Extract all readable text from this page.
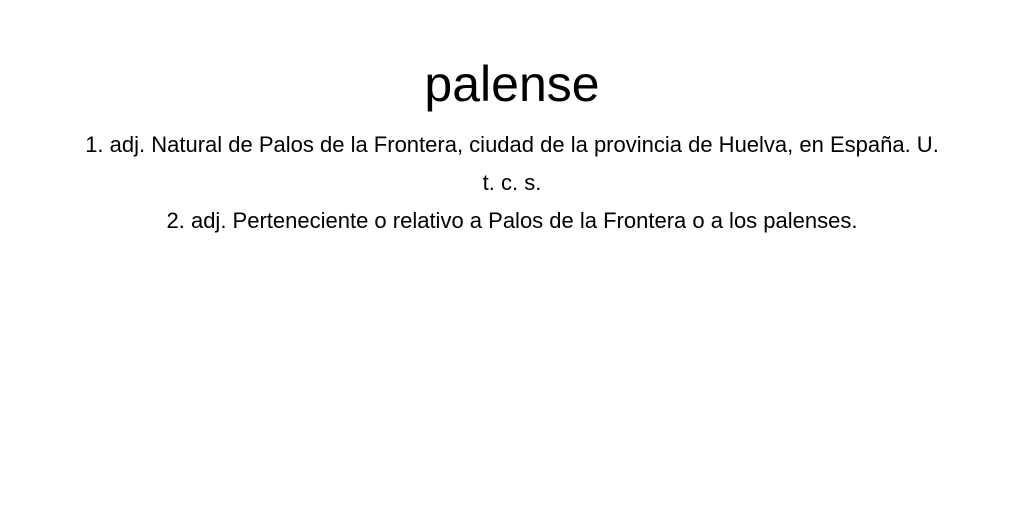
palense
1. adj. Natural de Palos de la Frontera, ciudad de la provincia de Huelva, en España. U. t. c. s.
2. adj. Perteneciente o relativo a Palos de la Frontera o a los palenses.
